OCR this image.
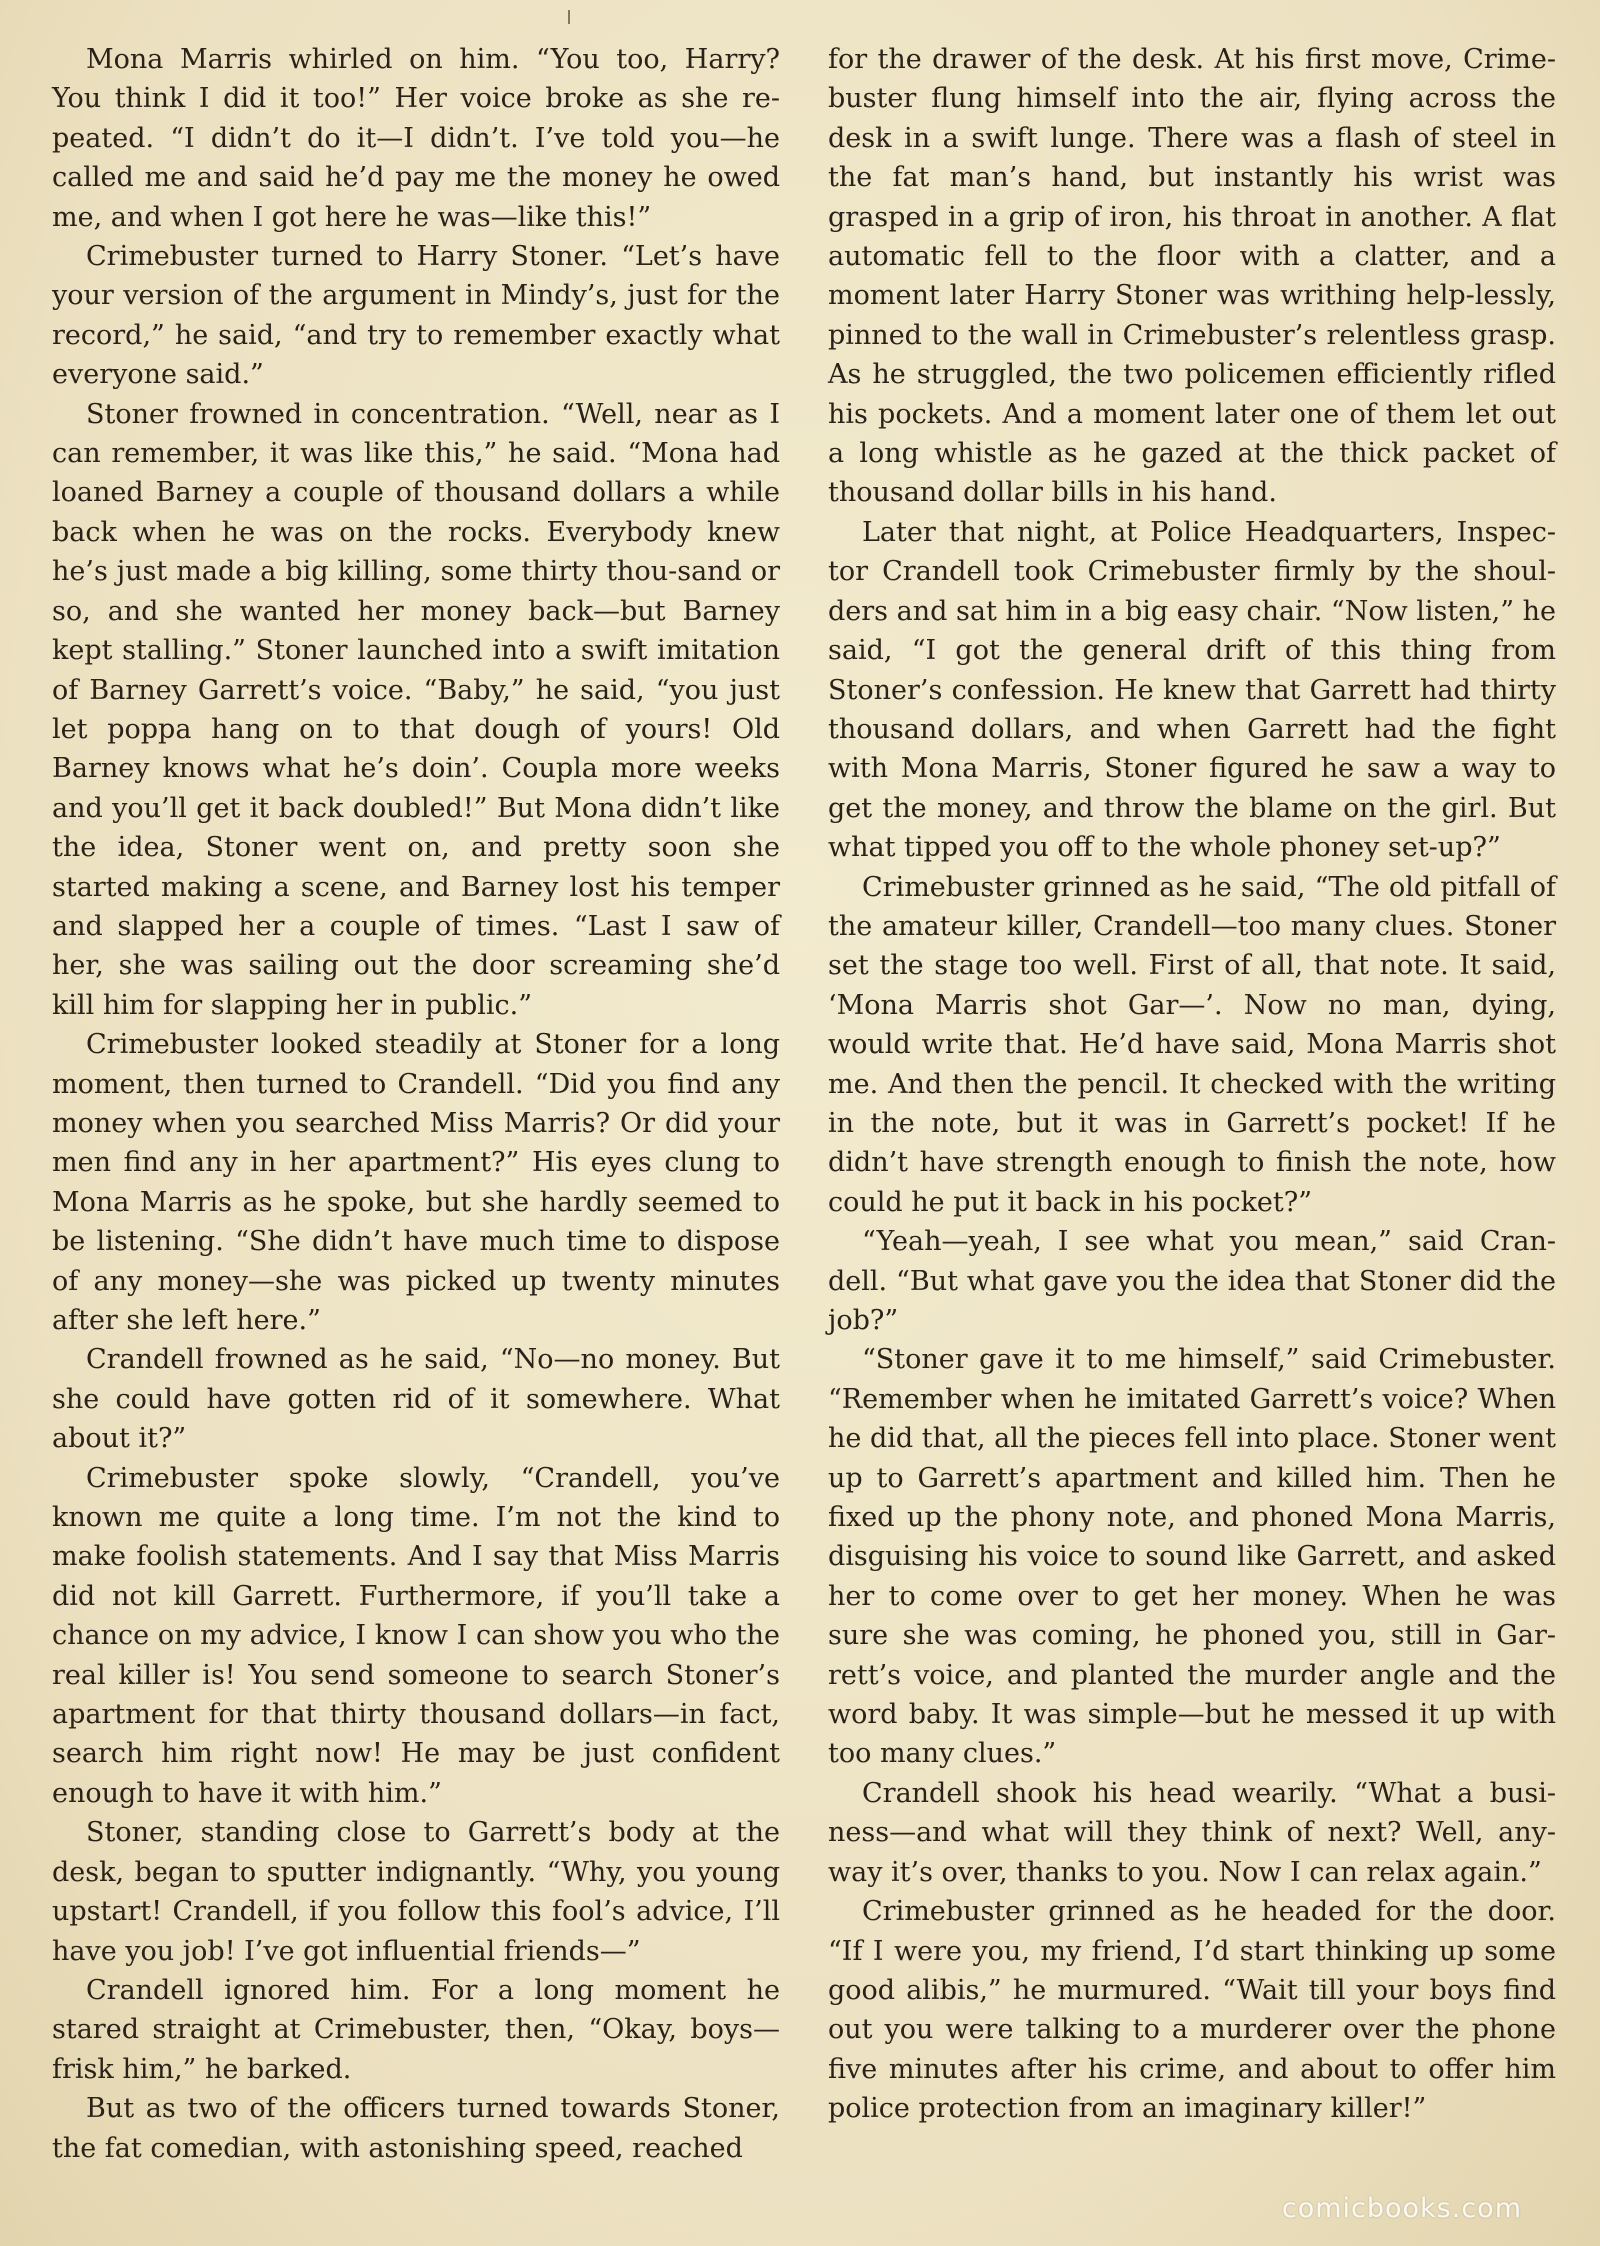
Mona Marris whirled on him. “You too, Harry? You think I did it too!” Her voice broke as she re-peated. “I didn’t do it—I didn’t. I’ve told you—he called me and said he’d pay me the money he owed me, and when I got here he was—like this!”

Crimebuster turned to Harry Stoner. “Let’s have your version of the argument in Mindy’s, just for the record,” he said, “and try to remember exactly what everyone said.”

Stoner frowned in concentration. “Well, near as I can remember, it was like this,” he said. “Mona had loaned Barney a couple of thousand dollars a while back when he was on the rocks. Everybody knew he’s just made a big killing, some thirty thou-sand or so, and she wanted her money back—but Barney kept stalling.” Stoner launched into a swift imitation of Barney Garrett’s voice. “Baby,” he said, “you just let poppa hang on to that dough of yours! Old Barney knows what he’s doin’. Coupla more weeks and you’ll get it back doubled!” But Mona didn’t like the idea, Stoner went on, and pretty soon she started making a scene, and Barney lost his temper and slapped her a couple of times. “Last I saw of her, she was sailing out the door screaming she’d kill him for slapping her in public.”

Crimebuster looked steadily at Stoner for a long moment, then turned to Crandell. “Did you find any money when you searched Miss Marris? Or did your men find any in her apartment?” His eyes clung to Mona Marris as he spoke, but she hardly seemed to be listening. “She didn’t have much time to dispose of any money—she was picked up twenty minutes after she left here.”

Crandell frowned as he said, “No—no money. But she could have gotten rid of it somewhere. What about it?”

Crimebuster spoke slowly, “Crandell, you’ve known me quite a long time. I’m not the kind to make foolish statements. And I say that Miss Marris did not kill Garrett. Furthermore, if you’ll take a chance on my advice, I know I can show you who the real killer is! You send someone to search Stoner’s apartment for that thirty thousand dollars—in fact, search him right now! He may be just confident enough to have it with him.”

Stoner, standing close to Garrett’s body at the desk, began to sputter indignantly. “Why, you young upstart! Crandell, if you follow this fool’s advice, I’ll have you job! I’ve got influential friends—”

Crandell ignored him. For a long moment he stared straight at Crimebuster, then, “Okay, boys—frisk him,” he barked.

But as two of the officers turned towards Stoner, the fat comedian, with astonishing speed, reached

for the drawer of the desk. At his first move, Crime-buster flung himself into the air, flying across the desk in a swift lunge. There was a flash of steel in the fat man’s hand, but instantly his wrist was grasped in a grip of iron, his throat in another. A flat automatic fell to the floor with a clatter, and a moment later Harry Stoner was writhing help-lessly, pinned to the wall in Crimebuster’s relentless grasp. As he struggled, the two policemen efficiently rifled his pockets. And a moment later one of them let out a long whistle as he gazed at the thick packet of thousand dollar bills in his hand.

Later that night, at Police Headquarters, Inspec-tor Crandell took Crimebuster firmly by the shoul-ders and sat him in a big easy chair. “Now listen,” he said, “I got the general drift of this thing from Stoner’s confession. He knew that Garrett had thirty thousand dollars, and when Garrett had the fight with Mona Marris, Stoner figured he saw a way to get the money, and throw the blame on the girl. But what tipped you off to the whole phoney set-up?”

Crimebuster grinned as he said, “The old pitfall of the amateur killer, Crandell—too many clues. Stoner set the stage too well. First of all, that note. It said, ‘Mona Marris shot Gar—’. Now no man, dying, would write that. He’d have said, Mona Marris shot me. And then the pencil. It checked with the writing in the note, but it was in Garrett’s pocket! If he didn’t have strength enough to finish the note, how could he put it back in his pocket?”

“Yeah—yeah, I see what you mean,” said Cran-dell. “But what gave you the idea that Stoner did the job?”

“Stoner gave it to me himself,” said Crimebuster. “Remember when he imitated Garrett’s voice? When he did that, all the pieces fell into place. Stoner went up to Garrett’s apartment and killed him. Then he fixed up the phony note, and phoned Mona Marris, disguising his voice to sound like Garrett, and asked her to come over to get her money. When he was sure she was coming, he phoned you, still in Gar-rett’s voice, and planted the murder angle and the word baby. It was simple—but he messed it up with too many clues.”

Crandell shook his head wearily. “What a busi-ness—and what will they think of next? Well, any-way it’s over, thanks to you. Now I can relax again.”

Crimebuster grinned as he headed for the door. “If I were you, my friend, I’d start thinking up some good alibis,” he murmured. “Wait till your boys find out you were talking to a murderer over the phone five minutes after his crime, and about to offer him police protection from an imaginary killer!”

comicbooks.com
